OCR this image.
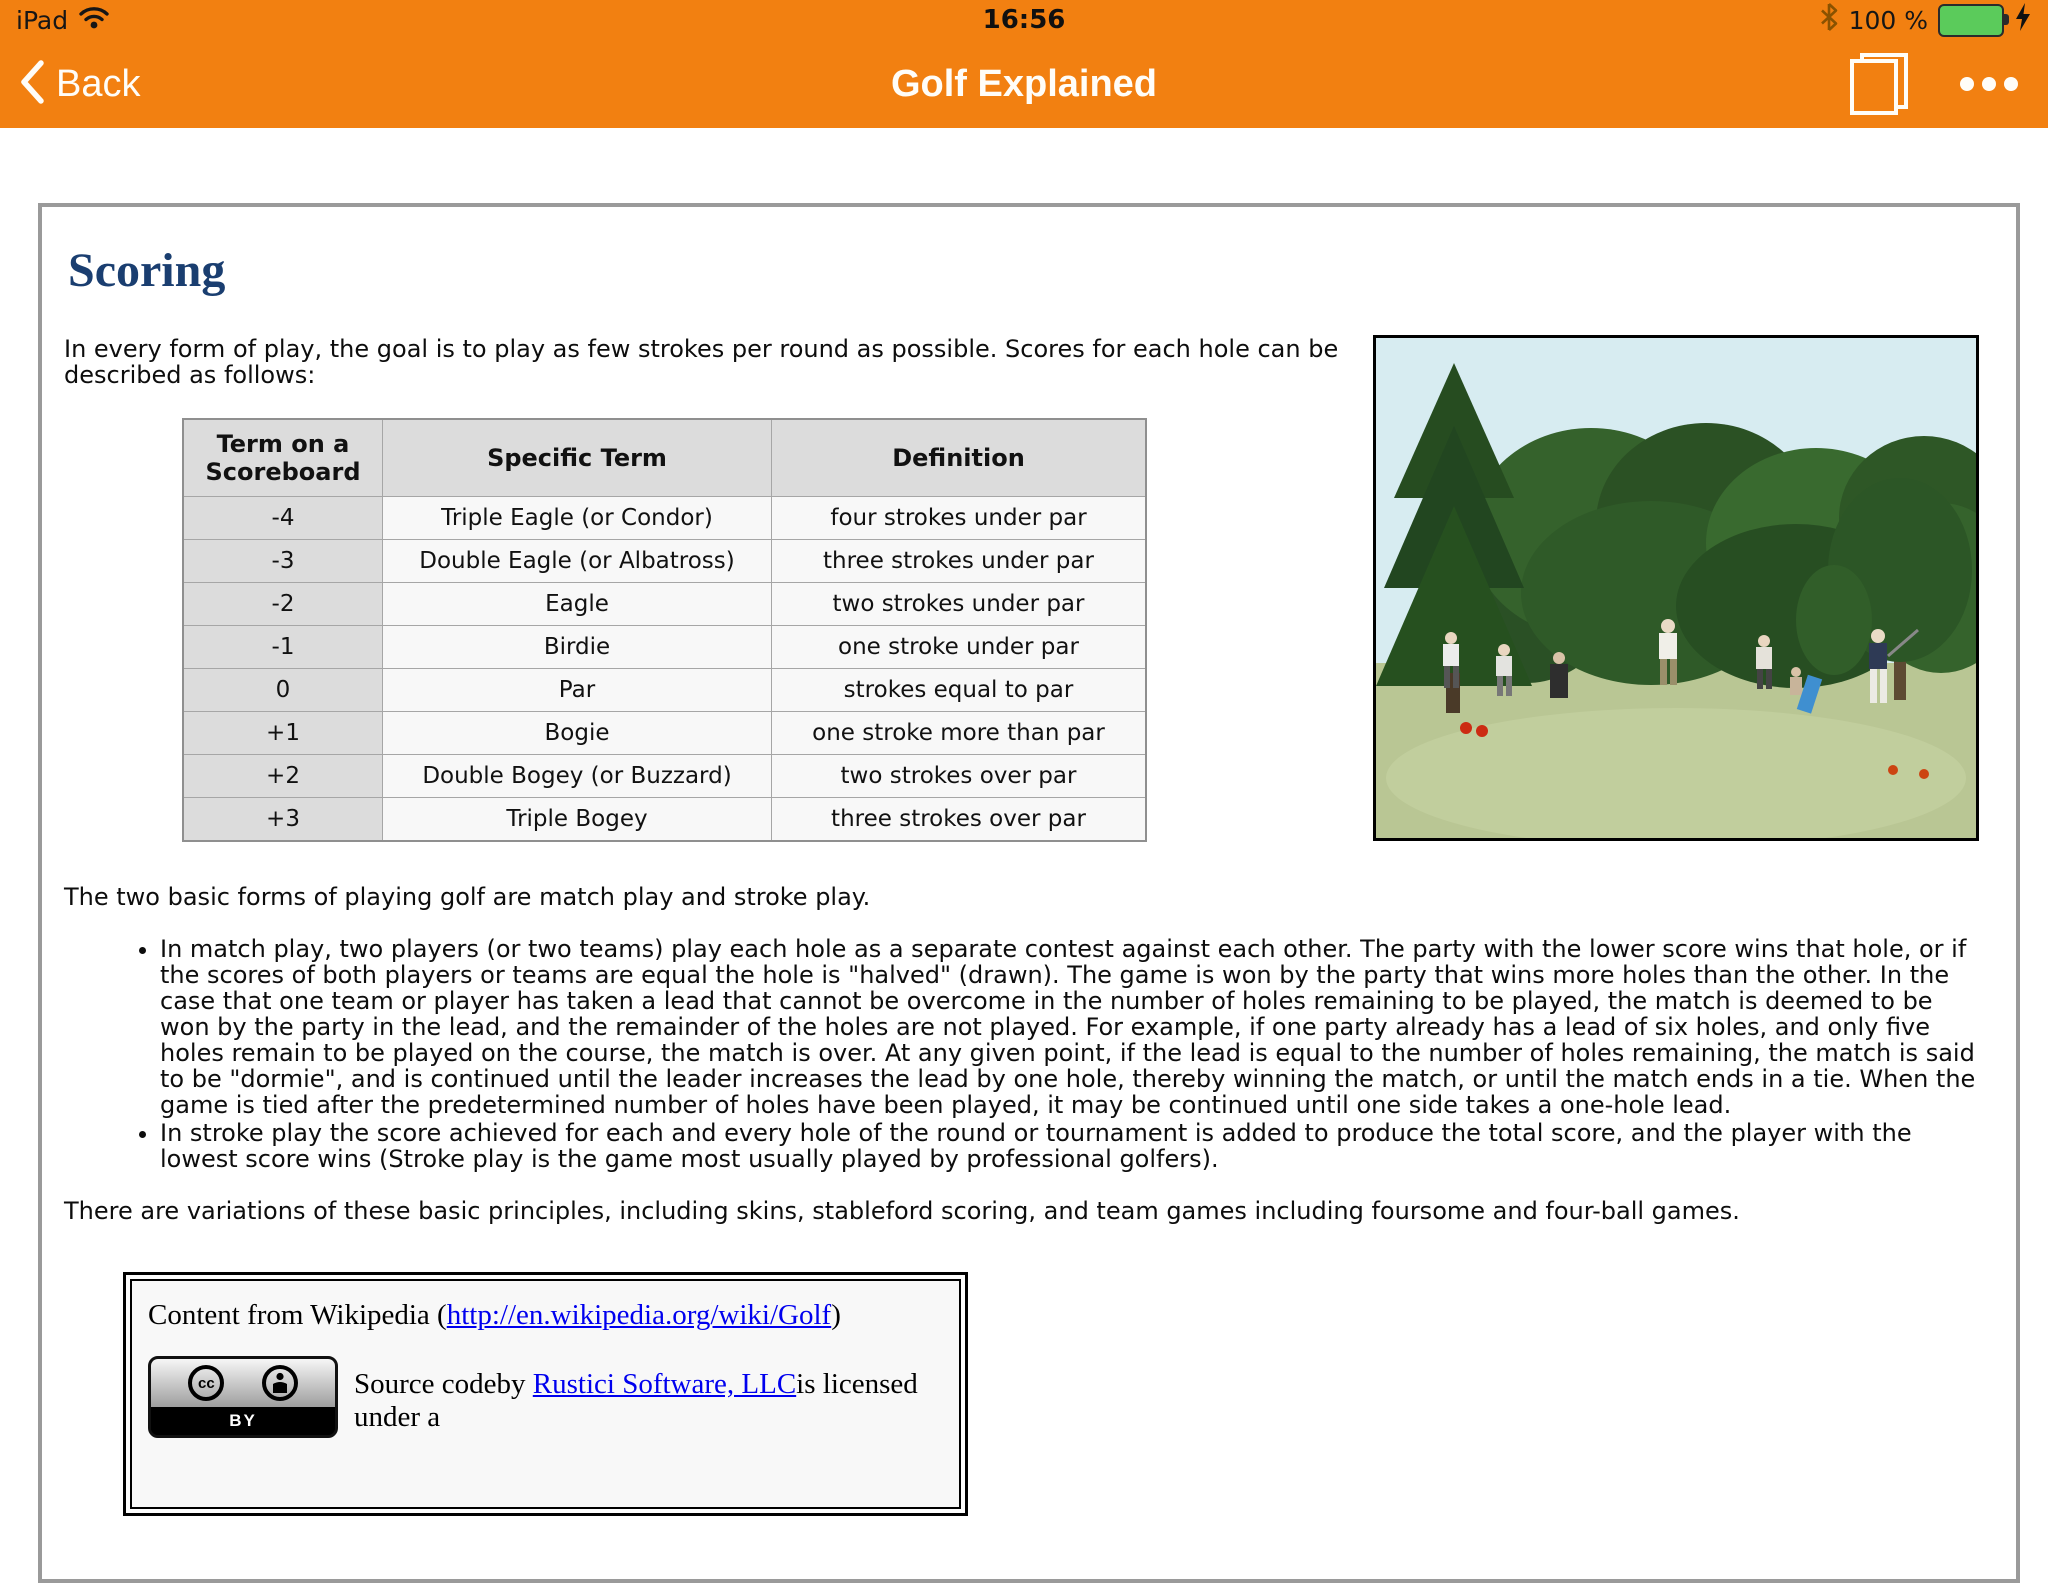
iPad	16:56	100 %
Back	Golf Explained
Scoring

In every form of play, the goal is to play as few strokes per round as possible. Scores for each hole can be described as follows:

Term on a Scoreboard	Specific Term	Definition
-4	Triple Eagle (or Condor)	four strokes under par
-3	Double Eagle (or Albatross)	three strokes under par
-2	Eagle	two strokes under par
-1	Birdie	one stroke under par
0	Par	strokes equal to par
+1	Bogie	one stroke more than par
+2	Double Bogey (or Buzzard)	two strokes over par
+3	Triple Bogey	three strokes over par

The two basic forms of playing golf are match play and stroke play.

• In match play, two players (or two teams) play each hole as a separate contest against each other. The party with the lower score wins that hole, or if the scores of both players or teams are equal the hole is "halved" (drawn). The game is won by the party that wins more holes than the other. In the case that one team or player has taken a lead that cannot be overcome in the number of holes remaining to be played, the match is deemed to be won by the party in the lead, and the remainder of the holes are not played. For example, if one party already has a lead of six holes, and only five holes remain to be played on the course, the match is over. At any given point, if the lead is equal to the number of holes remaining, the match is said to be "dormie", and is continued until the leader increases the lead by one hole, thereby winning the match, or until the match ends in a tie. When the game is tied after the predetermined number of holes have been played, it may be continued until one side takes a one-hole lead.
• In stroke play the score achieved for each and every hole of the round or tournament is added to produce the total score, and the player with the lowest score wins (Stroke play is the game most usually played by professional golfers).

There are variations of these basic principles, including skins, stableford scoring, and team games including foursome and four-ball games.

Content from Wikipedia (http://en.wikipedia.org/wiki/Golf)
cc
BY
Source codeby Rustici Software, LLCis licensed under a
